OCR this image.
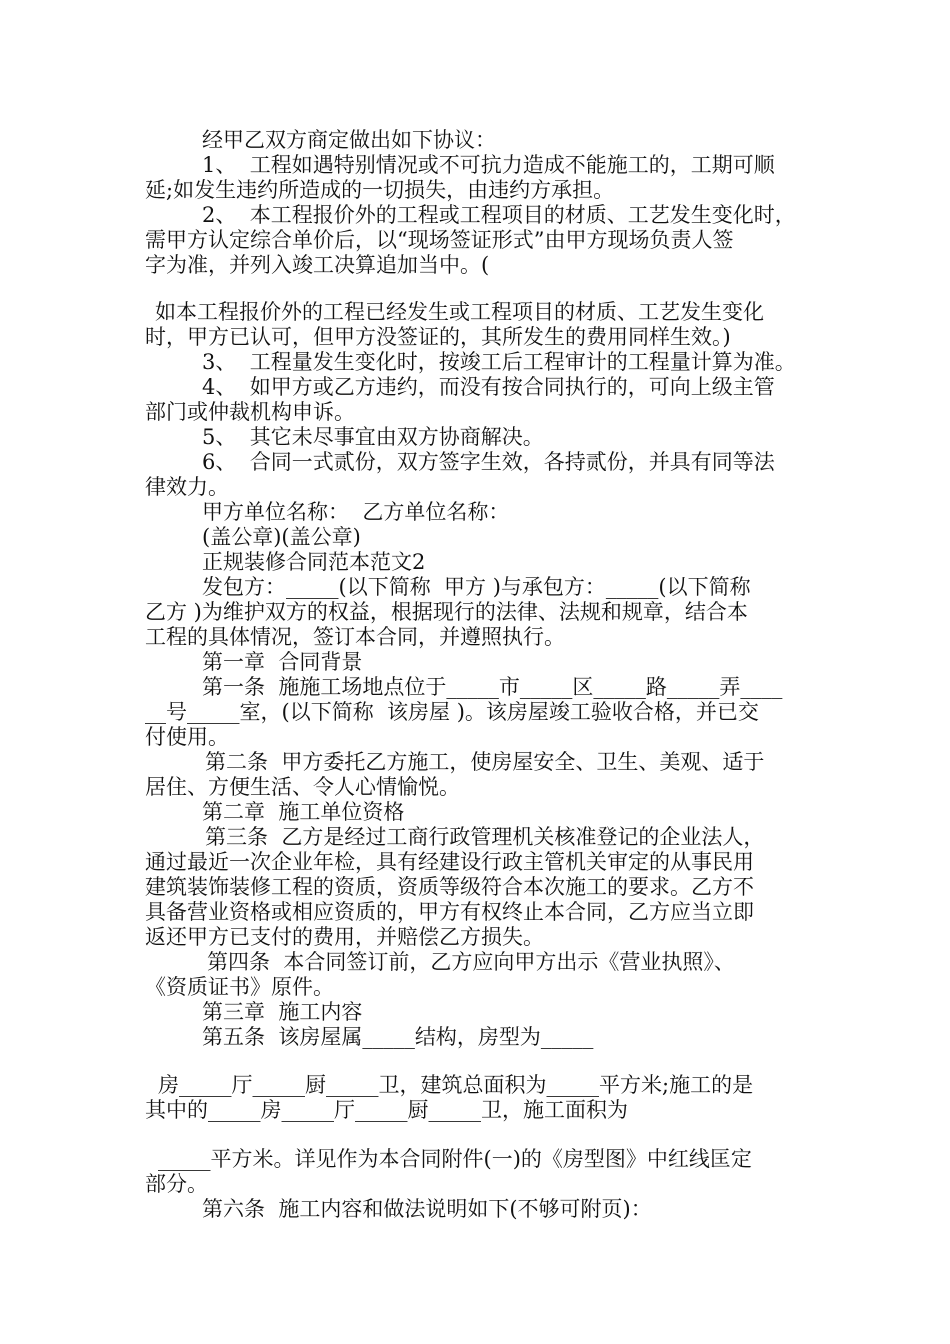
经甲乙双方商定做出如下协议：

1、  工程如遇特别情况或不可抗力造成不能施工的，工期可顺

延;如发生违约所造成的一切损失，由违约方承担。

2、  本工程报价外的工程或工程项目的材质、工艺发生变化时，

需甲方认定综合单价后，以“现场签证形式”由甲方现场负责人签

字为准，并列入竣工决算追加当中。(

如本工程报价外的工程已经发生或工程项目的材质、工艺发生变化

时，甲方已认可，但甲方没签证的，其所发生的费用同样生效。)

3、  工程量发生变化时，按竣工后工程审计的工程量计算为准。

4、  如甲方或乙方违约，而没有按合同执行的，可向上级主管

部门或仲裁机构申诉。

5、  其它未尽事宜由双方协商解决。

6、  合同一式贰份，双方签字生效，各持贰份，并具有同等法

律效力。

甲方单位名称：  乙方单位名称：

(盖公章)(盖公章)

正规装修合同范本范文2

发包方：_____(以下简称  甲方 )与承包方：_____(以下简称

乙方 )为维护双方的权益，根据现行的法律、法规和规章，结合本

工程的具体情况，签订本合同，并遵照执行。

第一章  合同背景

第一条  施施工场地点位于_____市_____区_____路_____弄____

__号_____室，(以下简称  该房屋 )。该房屋竣工验收合格，并已交

付使用。

第二条  甲方委托乙方施工，使房屋安全、卫生、美观、适于

居住、方便生活、令人心情愉悦。

第二章  施工单位资格

第三条  乙方是经过工商行政管理机关核准登记的企业法人，

通过最近一次企业年检，具有经建设行政主管机关审定的从事民用

建筑装饰装修工程的资质，资质等级符合本次施工的要求。乙方不

具备营业资格或相应资质的，甲方有权终止本合同，乙方应当立即

返还甲方已支付的费用，并赔偿乙方损失。

第四条  本合同签订前，乙方应向甲方出示《营业执照》、

《资质证书》原件。

第三章  施工内容

第五条  该房屋属_____结构，房型为_____

房_____厅_____厨_____卫，建筑总面积为_____平方米;施工的是

其中的_____房_____厅_____厨_____卫，施工面积为

_____平方米。详见作为本合同附件(一)的《房型图》中红线匡定

部分。

第六条  施工内容和做法说明如下(不够可附页)：
